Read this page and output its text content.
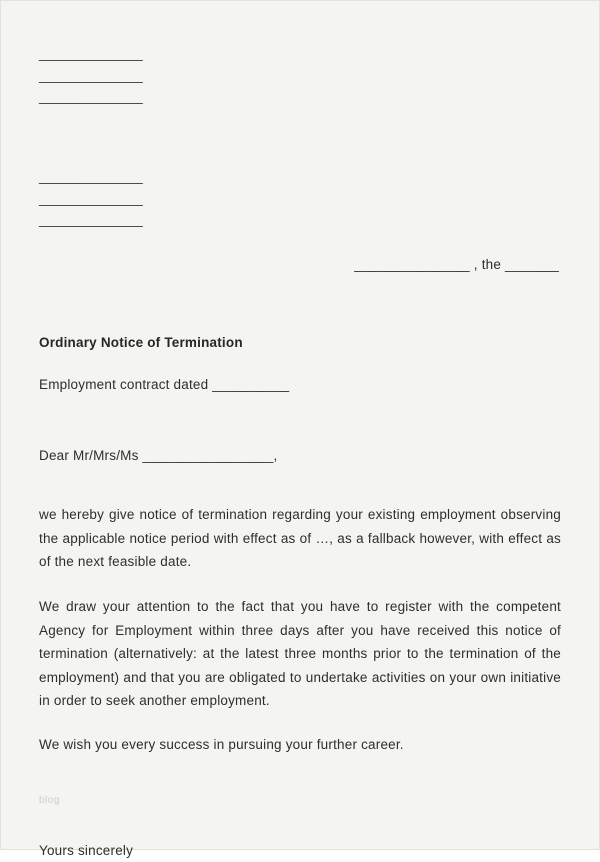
_____________
_____________
_____________
_____________
_____________
_____________
_______________ , the _______
Ordinary Notice of Termination
Employment contract dated __________
Dear Mr/Mrs/Ms _________________,
we hereby give notice of termination regarding your existing employment observing the applicable notice period with effect as of …, as a fallback however, with effect as of the next feasible date.
We draw your attention to the fact that you have to register with the competent Agency for Employment within three days after you have received this notice of termination (alternatively: at the latest three months prior to the termination of the employment) and that you are obligated to undertake activities on your own initiative in order to seek another employment.
We wish you every success in pursuing your further career.
blog
Yours sincerely
